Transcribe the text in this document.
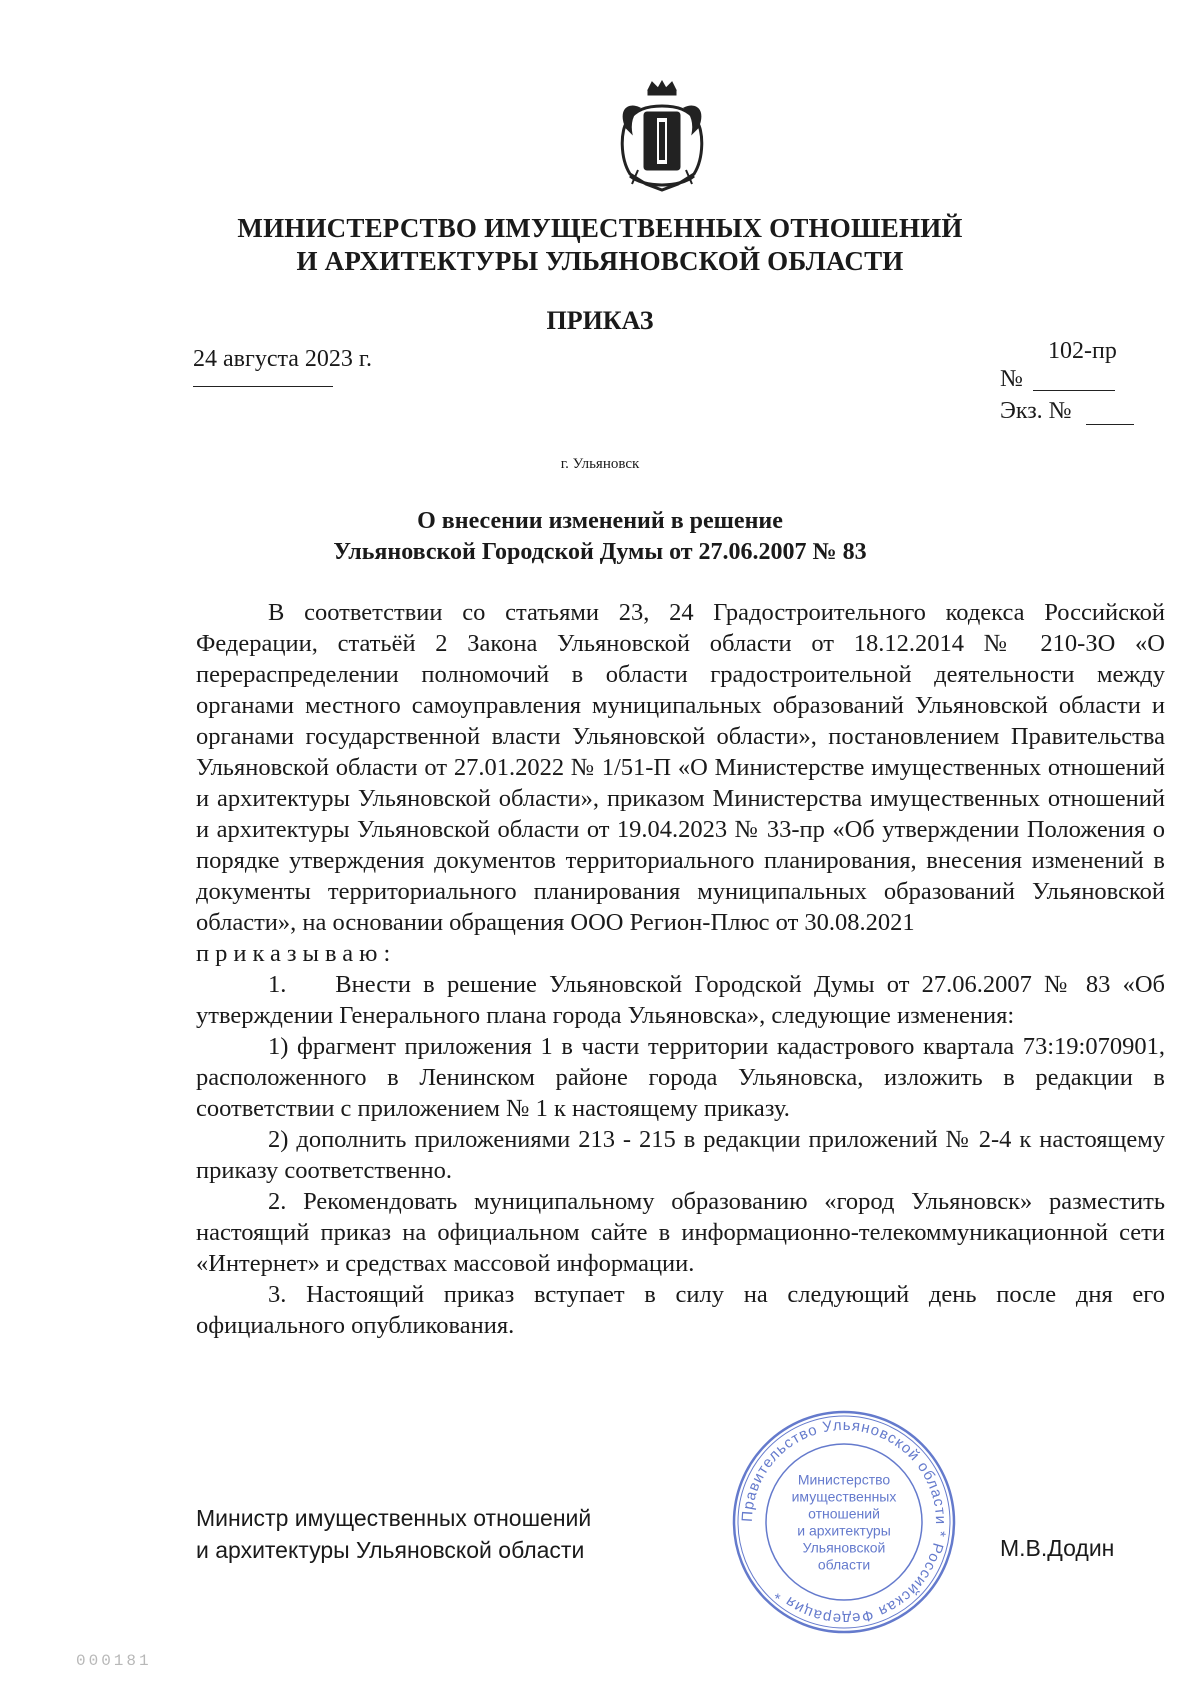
МИНИСТЕРСТВО ИМУЩЕСТВЕННЫХ ОТНОШЕНИЙ
И АРХИТЕКТУРЫ УЛЬЯНОВСКОЙ ОБЛАСТИ
ПРИКАЗ
24 августа 2023 г.	102-пр
№
Экз. №
г. Ульяновск
О внесении изменений в решение
Ульяновской Городской Думы от 27.06.2007 № 83

В соответствии со статьями 23, 24 Градостроительного кодекса Российской Федерации, статьёй 2 Закона Ульяновской области от 18.12.2014 № 210-ЗО «О перераспределении полномочий в области градостроительной деятельности между органами местного самоуправления муниципальных образований Ульяновской области и органами государственной власти Ульяновской области», постановлением Правительства Ульяновской области от 27.01.2022 № 1/51-П «О Министерстве имущественных отношений и архитектуры Ульяновской области», приказом Министерства имущественных отношений и архитектуры Ульяновской области от 19.04.2023 № 33-пр «Об утверждении Положения о порядке утверждения документов территориального планирования, внесения изменений в документы территориального планирования муниципальных образований Ульяновской области», на основании обращения ООО Регион-Плюс от 30.08.2021

приказываю:

1.    Внести в решение Ульяновской Городской Думы от 27.06.2007 № 83 «Об утверждении Генерального плана города Ульяновска», следующие изменения:

1) фрагмент приложения 1 в части территории кадастрового квартала 73:19:070901, расположенного в Ленинском районе города Ульяновска, изложить в редакции в соответствии с приложением № 1 к настоящему приказу.

2) дополнить приложениями 213 - 215 в редакции приложений № 2-4 к настоящему приказу соответственно.

2. Рекомендовать муниципальному образованию «город Ульяновск» разместить настоящий приказ на официальном сайте в информационно-телекоммуникационной сети «Интернет» и средствах массовой информации.

3. Настоящий приказ вступает в силу на следующий день после дня его официального опубликования.

Министр имущественных отношений
и архитектуры Ульяновской области	М.В.Додин
Правительство Ульяновской области * Российская Федерация *
Министерство
имущественных
отношений
и архитектуры
Ульяновской
области
000181
